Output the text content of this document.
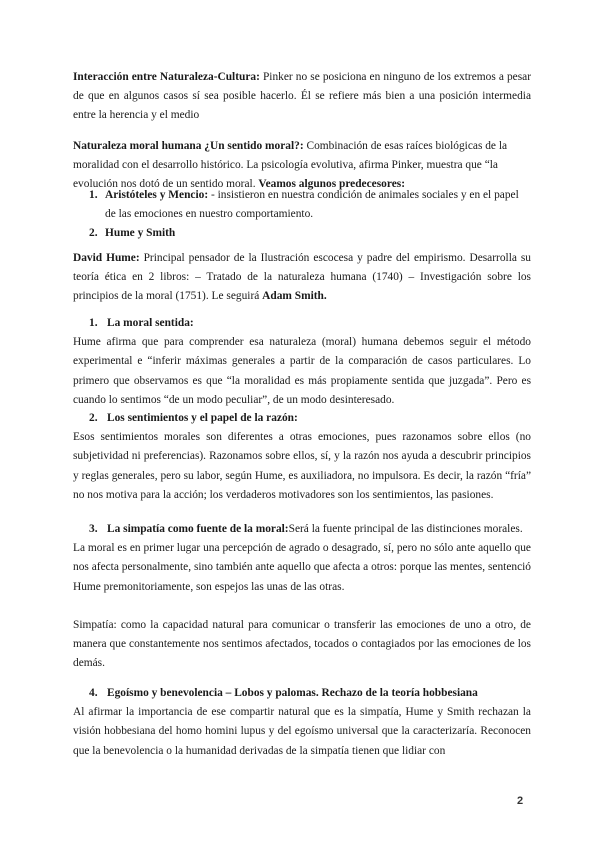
Interacción entre Naturaleza-Cultura: Pinker no se posiciona en ninguno de los extremos a pesar de que en algunos casos sí sea posible hacerlo. Él se refiere más bien a una posición intermedia entre la herencia y el medio
Naturaleza moral humana ¿Un sentido moral?: Combinación de esas raíces biológicas de la moralidad con el desarrollo histórico. La psicología evolutiva, afirma Pinker, muestra que “la evolución nos dotó de un sentido moral. Veamos algunos predecesores:
1. Aristóteles y Mencio: - insistieron en nuestra condición de animales sociales y en el papel de las emociones en nuestro comportamiento.
2. Hume y Smith
David Hume: Principal pensador de la Ilustración escocesa y padre del empirismo. Desarrolla su teoría ética en 2 libros: – Tratado de la naturaleza humana (1740) – Investigación sobre los principios de la moral (1751). Le seguirá Adam Smith.
1. La moral sentida:
Hume afirma que para comprender esa naturaleza (moral) humana debemos seguir el método experimental e “inferir máximas generales a partir de la comparación de casos particulares. Lo primero que observamos es que “la moralidad es más propiamente sentida que juzgada”. Pero es cuando lo sentimos “de un modo peculiar”, de un modo desinteresado.
2. Los sentimientos y el papel de la razón:
Esos sentimientos morales son diferentes a otras emociones, pues razonamos sobre ellos (no subjetividad ni preferencias). Razonamos sobre ellos, sí, y la razón nos ayuda a descubrir principios y reglas generales, pero su labor, según Hume, es auxiliadora, no impulsora. Es decir, la razón “fría” no nos motiva para la acción; los verdaderos motivadores son los sentimientos, las pasiones.
3. La simpatía como fuente de la moral:Será la fuente principal de las distinciones morales.
La moral es en primer lugar una percepción de agrado o desagrado, sí, pero no sólo ante aquello que nos afecta personalmente, sino también ante aquello que afecta a otros: porque las mentes, sentenció Hume premonitoriamente, son espejos las unas de las otras.
Simpatía: como la capacidad natural para comunicar o transferir las emociones de uno a otro, de manera que constantemente nos sentimos afectados, tocados o contagiados por las emociones de los demás.
4. Egoísmo y benevolencia – Lobos y palomas. Rechazo de la teoría hobbesiana
Al afirmar la importancia de ese compartir natural que es la simpatía, Hume y Smith rechazan la visión hobbesiana del homo homini lupus y del egoísmo universal que la caracterizaría. Reconocen que la benevolencia o la humanidad derivadas de la simpatía tienen que lidiar con
2
